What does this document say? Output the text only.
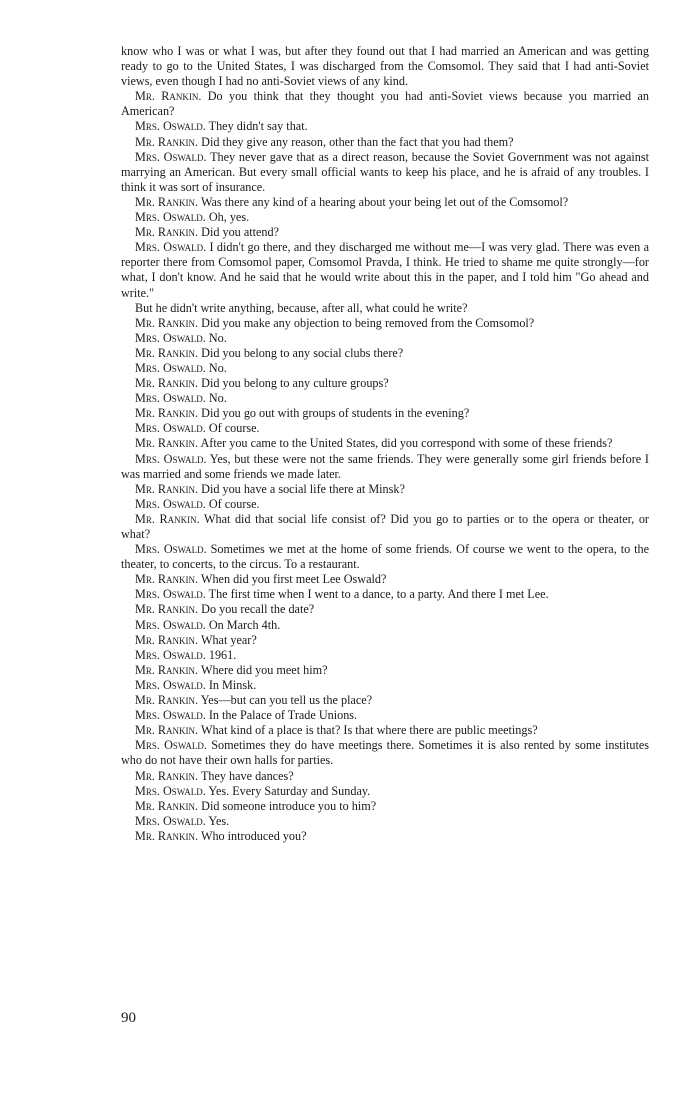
know who I was or what I was, but after they found out that I had married an American and was getting ready to go to the United States, I was discharged from the Comsomol. They said that I had anti-Soviet views, even though I had no anti-Soviet views of any kind.

Mr. Rankin. Do you think that they thought you had anti-Soviet views because you married an American?

Mrs. Oswald. They didn't say that.

Mr. Rankin. Did they give any reason, other than the fact that you had them?

Mrs. Oswald. They never gave that as a direct reason, because the Soviet Government was not against marrying an American. But every small official wants to keep his place, and he is afraid of any troubles. I think it was sort of insurance.

Mr. Rankin. Was there any kind of a hearing about your being let out of the Comsomol?

Mrs. Oswald. Oh, yes.

Mr. Rankin. Did you attend?

Mrs. Oswald. I didn't go there, and they discharged me without me—I was very glad. There was even a reporter there from Comsomol paper, Comsomol Pravda, I think. He tried to shame me quite strongly—for what, I don't know. And he said that he would write about this in the paper, and I told him "Go ahead and write."

But he didn't write anything, because, after all, what could he write?

Mr. Rankin. Did you make any objection to being removed from the Comsomol?

Mrs. Oswald. No.

Mr. Rankin. Did you belong to any social clubs there?

Mrs. Oswald. No.

Mr. Rankin. Did you belong to any culture groups?

Mrs. Oswald. No.

Mr. Rankin. Did you go out with groups of students in the evening?

Mrs. Oswald. Of course.

Mr. Rankin. After you came to the United States, did you correspond with some of these friends?

Mrs. Oswald. Yes, but these were not the same friends. They were generally some girl friends before I was married and some friends we made later.

Mr. Rankin. Did you have a social life there at Minsk?

Mrs. Oswald. Of course.

Mr. Rankin. What did that social life consist of? Did you go to parties or to the opera or theater, or what?

Mrs. Oswald. Sometimes we met at the home of some friends. Of course we went to the opera, to the theater, to concerts, to the circus. To a restaurant.

Mr. Rankin. When did you first meet Lee Oswald?

Mrs. Oswald. The first time when I went to a dance, to a party. And there I met Lee.

Mr. Rankin. Do you recall the date?

Mrs. Oswald. On March 4th.

Mr. Rankin. What year?

Mrs. Oswald. 1961.

Mr. Rankin. Where did you meet him?

Mrs. Oswald. In Minsk.

Mr. Rankin. Yes—but can you tell us the place?

Mrs. Oswald. In the Palace of Trade Unions.

Mr. Rankin. What kind of a place is that? Is that where there are public meetings?

Mrs. Oswald. Sometimes they do have meetings there. Sometimes it is also rented by some institutes who do not have their own halls for parties.

Mr. Rankin. They have dances?

Mrs. Oswald. Yes. Every Saturday and Sunday.

Mr. Rankin. Did someone introduce you to him?

Mrs. Oswald. Yes.

Mr. Rankin. Who introduced you?

90
